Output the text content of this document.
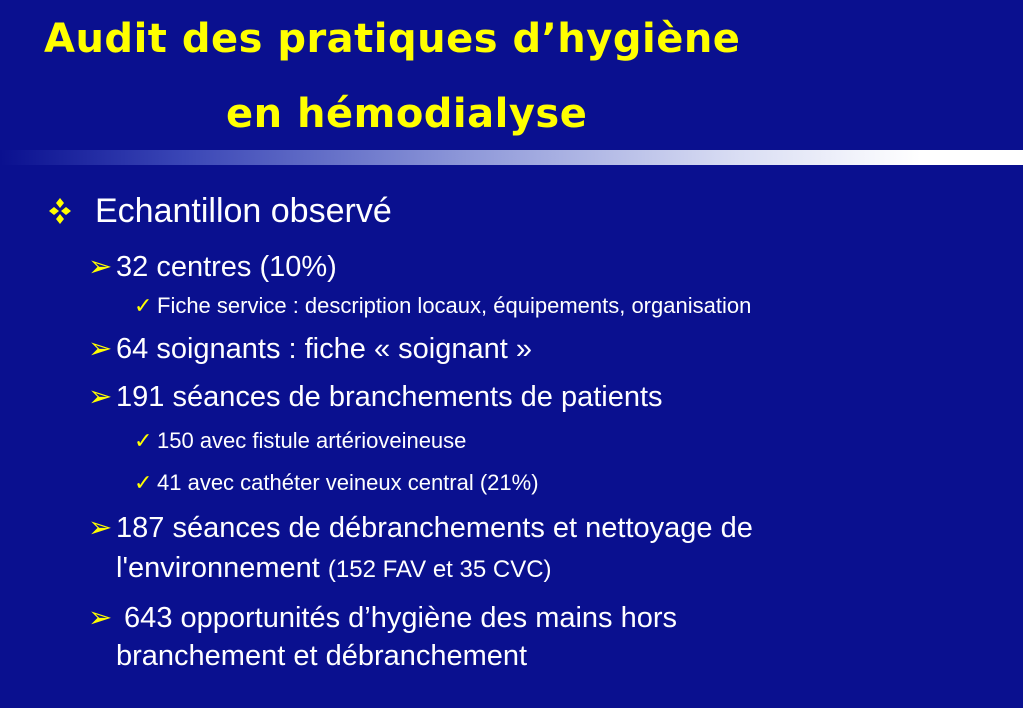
Audit des pratiques d’hygiène
en hémodialyse
Echantillon observé
➢ 32 centres (10%)
✓ Fiche service : description locaux, équipements, organisation
➢ 64 soignants : fiche « soignant »
➢ 191 séances de branchements de patients
✓ 150 avec fistule artérioveineuse
✓ 41 avec cathéter veineux central (21%)
➢ 187 séances de débranchements et nettoyage de
l'environnement (152 FAV et 35 CVC)
➢ 643 opportunités d’hygiène des mains hors
branchement et débranchement
